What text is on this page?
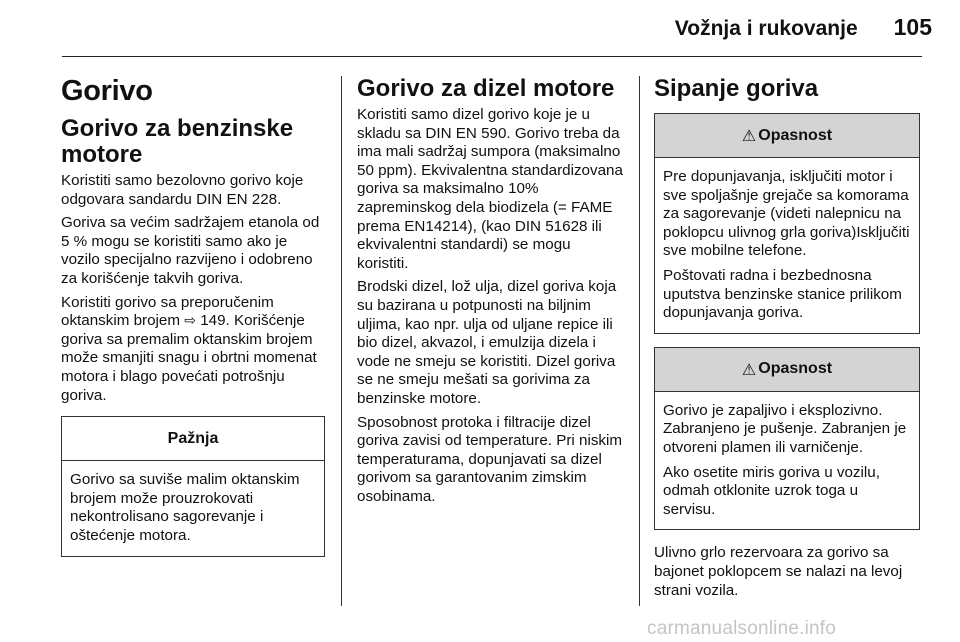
Vožnja i rukovanje 105
Gorivo
Gorivo za benzinske motore

Koristiti samo bezolovno gorivo koje odgovara sandardu DIN EN 228.

Goriva sa većim sadržajem etanola od 5 % mogu se koristiti samo ako je vozilo specijalno razvijeno i odobreno za korišćenje takvih goriva.

Koristiti gorivo sa preporučenim oktanskim brojem ⇨ 149. Korišćenje goriva sa premalim oktanskim brojem može smanjiti snagu i obrtni momenat motora i blago povećati potrošnju goriva.

Pažnja

Gorivo sa suviše malim oktanskim brojem može prouzrokovati nekontrolisano sagorevanje i oštećenje motora.

Gorivo za dizel motore

Koristiti samo dizel gorivo koje je u skladu sa DIN EN 590. Gorivo treba da ima mali sadržaj sumpora (maksimalno 50 ppm). Ekvivalentna standardizovana goriva sa maksimalno 10% zapreminskog dela biodizela (= FAME prema EN14214), (kao DIN 51628 ili ekvivalentni standardi) se mogu koristiti.

Brodski dizel, lož ulja, dizel goriva koja su bazirana u potpunosti na biljnim uljima, kao npr. ulja od uljane repice ili bio dizel, akvazol, i emulzija dizela i vode ne smeju se koristiti. Dizel goriva se ne smeju mešati sa gorivima za benzinske motore.

Sposobnost protoka i filtracije dizel goriva zavisi od temperature. Pri niskim temperaturama, dopunjavati sa dizel gorivom sa garantovanim zimskim osobinama.

Sipanje goriva
⚠ Opasnost

Pre dopunjavanja, isključiti motor i sve spoljašnje grejače sa komorama za sagorevanje (videti nalepnicu na poklopcu ulivnog grla goriva)Isključiti sve mobilne telefone.

Poštovati radna i bezbednosna uputstva benzinske stanice prilikom dopunjavanja goriva.

⚠ Opasnost

Gorivo je zapaljivo i eksplozivno. Zabranjeno je pušenje. Zabranjen je otvoreni plamen ili varničenje.

Ako osetite miris goriva u vozilu, odmah otklonite uzrok toga u servisu.

Ulivno grlo rezervoara za gorivo sa bajonet poklopcem se nalazi na levoj strani vozila.

carmanualsonline.info
